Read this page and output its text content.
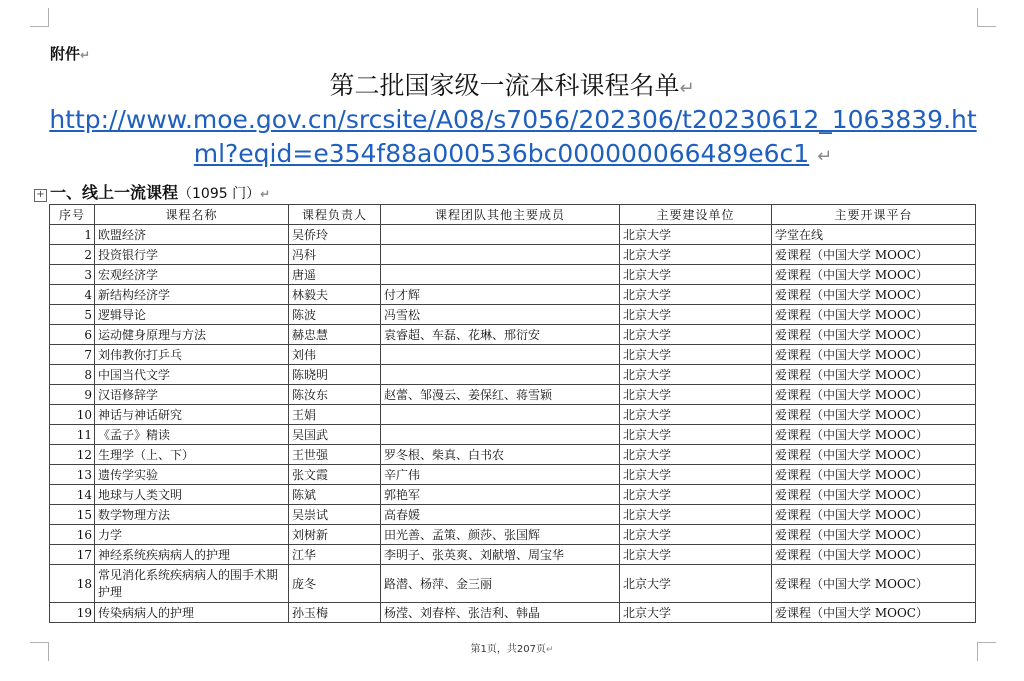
附件↵
第二批国家级一流本科课程名单↵
http://www.moe.gov.cn/srcsite/A08/s7056/202306/t20230612_1063839.html?eqid=e354f88a000536bc000000066489e6c1 ↵
+ 一、线上一流课程（1095 门）↵
序号	课程名称	课程负责人	课程团队其他主要成员	主要建设单位	主要开课平台
1	欧盟经济	吴侨玲		北京大学	学堂在线
2	投资银行学	冯科		北京大学	爱课程（中国大学 MOOC）
3	宏观经济学	唐遥		北京大学	爱课程（中国大学 MOOC）
4	新结构经济学	林毅夫	付才辉	北京大学	爱课程（中国大学 MOOC）
5	逻辑导论	陈波	冯雪松	北京大学	爱课程（中国大学 MOOC）
6	运动健身原理与方法	赫忠慧	袁睿超、车磊、花琳、邢衍安	北京大学	爱课程（中国大学 MOOC）
7	刘伟教你打乒乓	刘伟		北京大学	爱课程（中国大学 MOOC）
8	中国当代文学	陈晓明		北京大学	爱课程（中国大学 MOOC）
9	汉语修辞学	陈汝东	赵蕾、邹漫云、姜保红、蒋雪颖	北京大学	爱课程（中国大学 MOOC）
10	神话与神话研究	王娟		北京大学	爱课程（中国大学 MOOC）
11	《孟子》精读	吴国武		北京大学	爱课程（中国大学 MOOC）
12	生理学（上、下）	王世强	罗冬根、柴真、白书农	北京大学	爱课程（中国大学 MOOC）
13	遗传学实验	张文霞	辛广伟	北京大学	爱课程（中国大学 MOOC）
14	地球与人类文明	陈斌	郭艳军	北京大学	爱课程（中国大学 MOOC）
15	数学物理方法	吴崇试	高春媛	北京大学	爱课程（中国大学 MOOC）
16	力学	刘树新	田光善、孟策、颜莎、张国辉	北京大学	爱课程（中国大学 MOOC）
17	神经系统疾病病人的护理	江华	李明子、张英爽、刘献增、周宝华	北京大学	爱课程（中国大学 MOOC）
18	常见消化系统疾病病人的围手术期护理	庞冬	路潜、杨萍、金三丽	北京大学	爱课程（中国大学 MOOC）
19	传染病病人的护理	孙玉梅	杨滢、刘春梓、张洁利、韩晶	北京大学	爱课程（中国大学 MOOC）
第1页，共207页↵
